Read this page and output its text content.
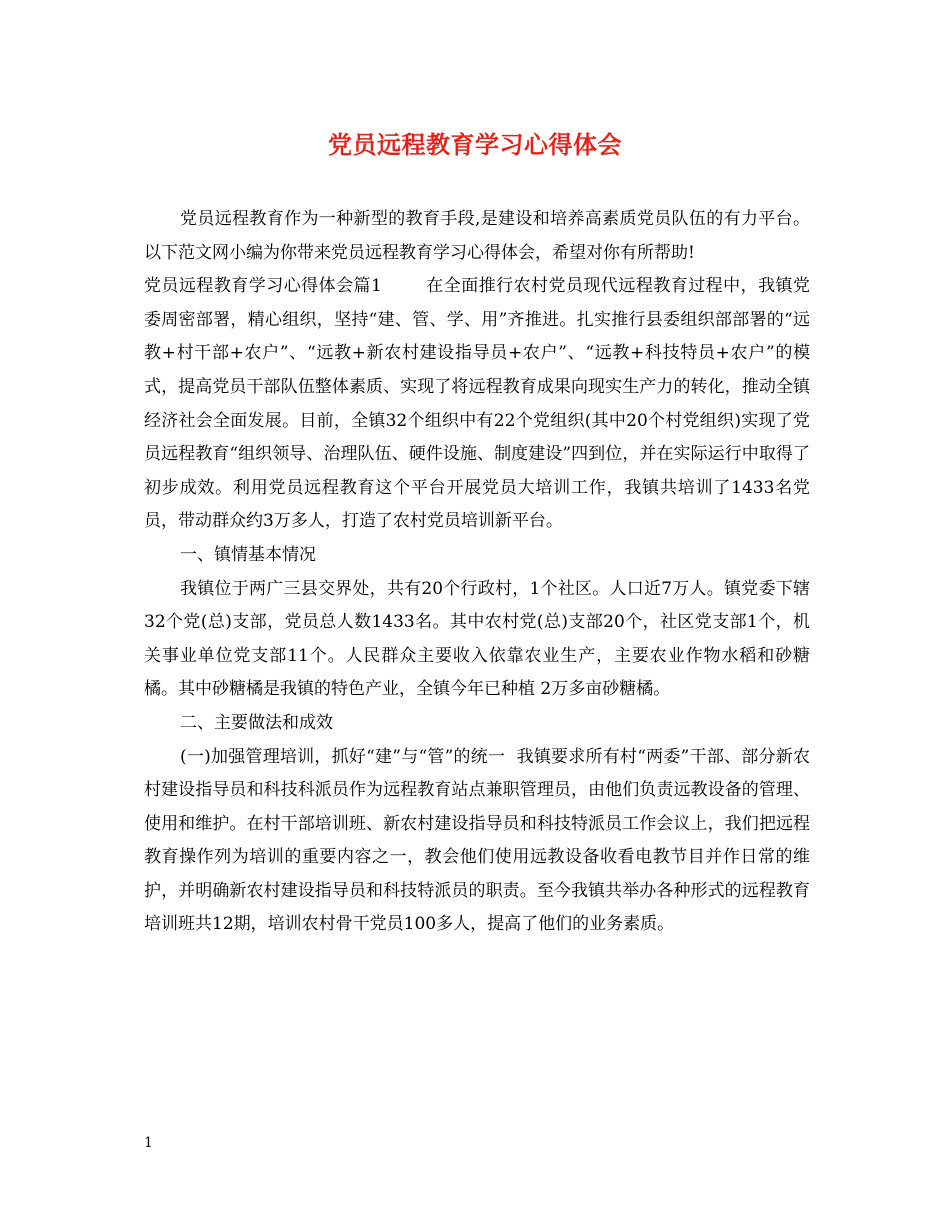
党员远程教育学习心得体会

党员远程教育作为一种新型的教育手段,是建设和培养高素质党员队伍的有力平台。以下范文网小编为你带来党员远程教育学习心得体会，希望对你有所帮助!

党员远程教育学习心得体会篇1	在全面推行农村党员现代远程教育过程中，我镇党委周密部署，精心组织，坚持“建、管、学、用”齐推进。扎实推行县委组织部部署的“远教+村干部+农户”、“远教+新农村建设指导员+农户”、“远教+科技特员+农户”的模式，提高党员干部队伍整体素质、实现了将远程教育成果向现实生产力的转化，推动全镇经济社会全面发展。目前，全镇32个组织中有22个党组织(其中20个村党组织)实现了党员远程教育“组织领导、治理队伍、硬件设施、制度建设”四到位，并在实际运行中取得了初步成效。利用党员远程教育这个平台开展党员大培训工作，我镇共培训了1433名党员，带动群众约3万多人，打造了农村党员培训新平台。

一、镇情基本情况

我镇位于两广三县交界处，共有20个行政村，1个社区。人口近7万人。镇党委下辖32个党(总)支部，党员总人数1433名。其中农村党(总)支部20个，社区党支部1个，机关事业单位党支部11个。人民群众主要收入依靠农业生产，主要农业作物水稻和砂糖橘。其中砂糖橘是我镇的特色产业，全镇今年已种植 2万多亩砂糖橘。

二、主要做法和成效

(一)加强管理培训，抓好“建”与“管”的统一 我镇要求所有村“两委”干部、部分新农村建设指导员和科技科派员作为远程教育站点兼职管理员，由他们负责远教设备的管理、使用和维护。在村干部培训班、新农村建设指导员和科技特派员工作会议上，我们把远程教育操作列为培训的重要内容之一，教会他们使用远教设备收看电教节目并作日常的维护，并明确新农村建设指导员和科技特派员的职责。至今我镇共举办各种形式的远程教育培训班共12期，培训农村骨干党员100多人，提高了他们的业务素质。

1
